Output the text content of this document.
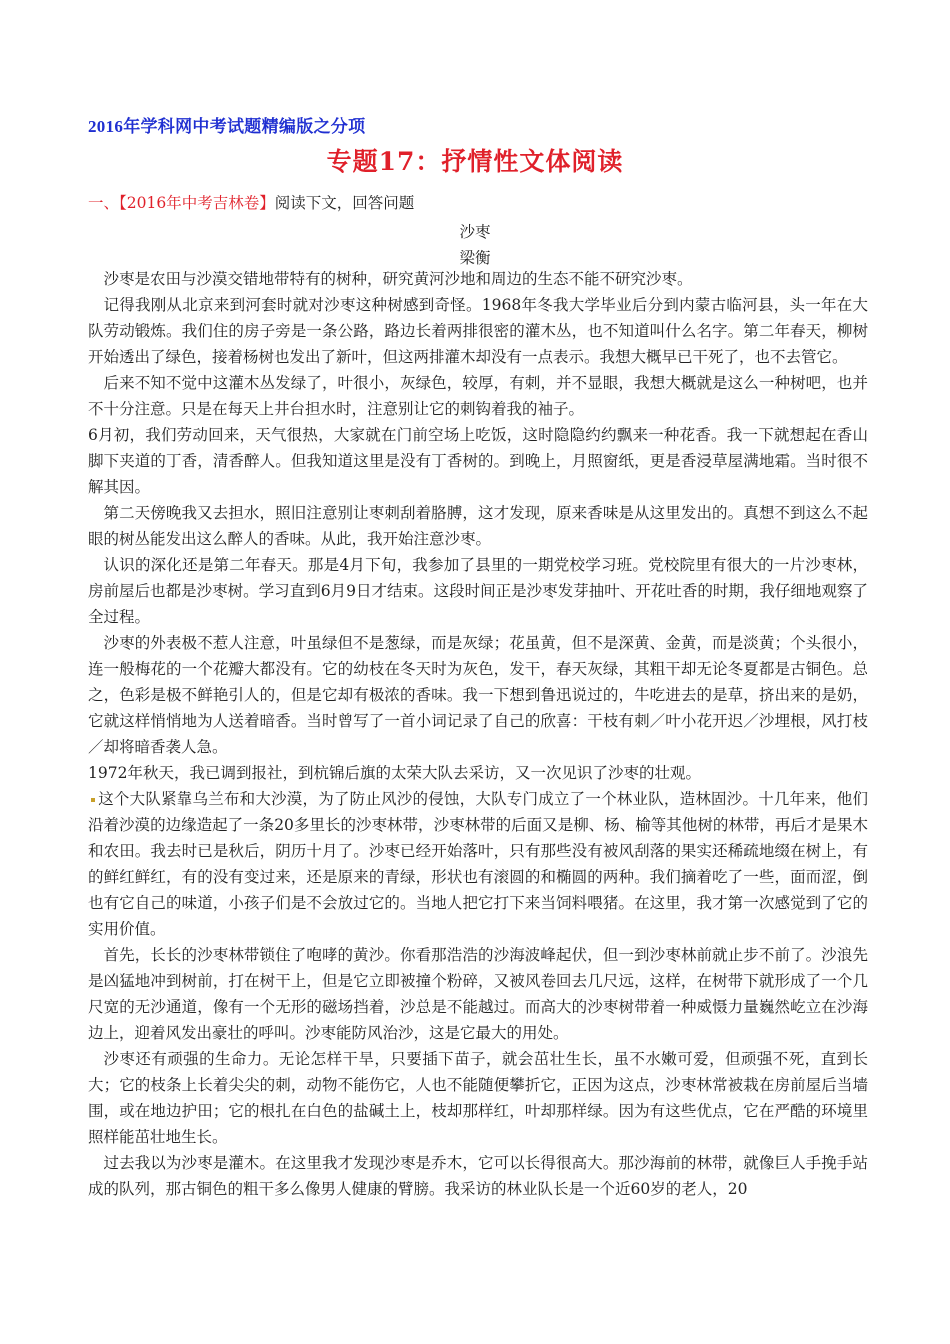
2016年学科网中考试题精编版之分项
专题17：抒情性文体阅读
一、【2016年中考吉林卷】阅读下文，回答问题
沙枣
梁衡

沙枣是农田与沙漠交错地带特有的树种，研究黄河沙地和周边的生态不能不研究沙枣。

记得我刚从北京来到河套时就对沙枣这种树感到奇怪。1968年冬我大学毕业后分到内蒙古临河县，头一年在大队劳动锻炼。我们住的房子旁是一条公路，路边长着两排很密的灌木丛，也不知道叫什么名字。第二年春天，柳树开始透出了绿色，接着杨树也发出了新叶，但这两排灌木却没有一点表示。我想大概早已干死了，也不去管它。

后来不知不觉中这灌木丛发绿了，叶很小，灰绿色，较厚，有刺，并不显眼，我想大概就是这么一种树吧，也并不十分注意。只是在每天上井台担水时，注意别让它的刺钩着我的袖子。

6月初，我们劳动回来，天气很热，大家就在门前空场上吃饭，这时隐隐约约飘来一种花香。我一下就想起在香山脚下夹道的丁香，清香醉人。但我知道这里是没有丁香树的。到晚上，月照窗纸，更是香浸草屋满地霜。当时很不解其因。

第二天傍晚我又去担水，照旧注意别让枣刺刮着胳膊，这才发现，原来香味是从这里发出的。真想不到这么不起眼的树丛能发出这么醉人的香味。从此，我开始注意沙枣。

认识的深化还是第二年春天。那是4月下旬，我参加了县里的一期党校学习班。党校院里有很大的一片沙枣林，房前屋后也都是沙枣树。学习直到6月9日才结束。这段时间正是沙枣发芽抽叶、开花吐香的时期，我仔细地观察了全过程。

沙枣的外表极不惹人注意，叶虽绿但不是葱绿，而是灰绿；花虽黄，但不是深黄、金黄，而是淡黄；个头很小，连一般梅花的一个花瓣大都没有。它的幼枝在冬天时为灰色，发干，春天灰绿，其粗干却无论冬夏都是古铜色。总之，色彩是极不鲜艳引人的，但是它却有极浓的香味。我一下想到鲁迅说过的，牛吃进去的是草，挤出来的是奶，它就这样悄悄地为人送着暗香。当时曾写了一首小词记录了自己的欣喜：干枝有刺／叶小花开迟／沙埋根，风打枝／却将暗香袭人急。

1972年秋天，我已调到报社，到杭锦后旗的太荣大队去采访，又一次见识了沙枣的壮观。

这个大队紧靠乌兰布和大沙漠，为了防止风沙的侵蚀，大队专门成立了一个林业队，造林固沙。十几年来，他们沿着沙漠的边缘造起了一条20多里长的沙枣林带，沙枣林带的后面又是柳、杨、榆等其他树的林带，再后才是果木和农田。我去时已是秋后，阴历十月了。沙枣已经开始落叶，只有那些没有被风刮落的果实还稀疏地缀在树上，有的鲜红鲜红，有的没有变过来，还是原来的青绿，形状也有滚圆的和椭圆的两种。我们摘着吃了一些，面而涩，倒也有它自己的味道，小孩子们是不会放过它的。当地人把它打下来当饲料喂猪。在这里，我才第一次感觉到了它的实用价值。

首先，长长的沙枣林带锁住了咆哮的黄沙。你看那浩浩的沙海波峰起伏，但一到沙枣林前就止步不前了。沙浪先是凶猛地冲到树前，打在树干上，但是它立即被撞个粉碎，又被风卷回去几尺远，这样，在树带下就形成了一个几尺宽的无沙通道，像有一个无形的磁场挡着，沙总是不能越过。而高大的沙枣树带着一种威慑力量巍然屹立在沙海边上，迎着风发出豪壮的呼叫。沙枣能防风治沙，这是它最大的用处。

沙枣还有顽强的生命力。无论怎样干旱，只要插下苗子，就会茁壮生长，虽不水嫩可爱，但顽强不死，直到长大；它的枝条上长着尖尖的刺，动物不能伤它，人也不能随便攀折它，正因为这点，沙枣林常被栽在房前屋后当墙围，或在地边护田；它的根扎在白色的盐碱土上，枝却那样红，叶却那样绿。因为有这些优点，它在严酷的环境里照样能茁壮地生长。

过去我以为沙枣是灌木。在这里我才发现沙枣是乔木，它可以长得很高大。那沙海前的林带，就像巨人手挽手站成的队列，那古铜色的粗干多么像男人健康的臂膀。我采访的林业队长是一个近60岁的老人，20
